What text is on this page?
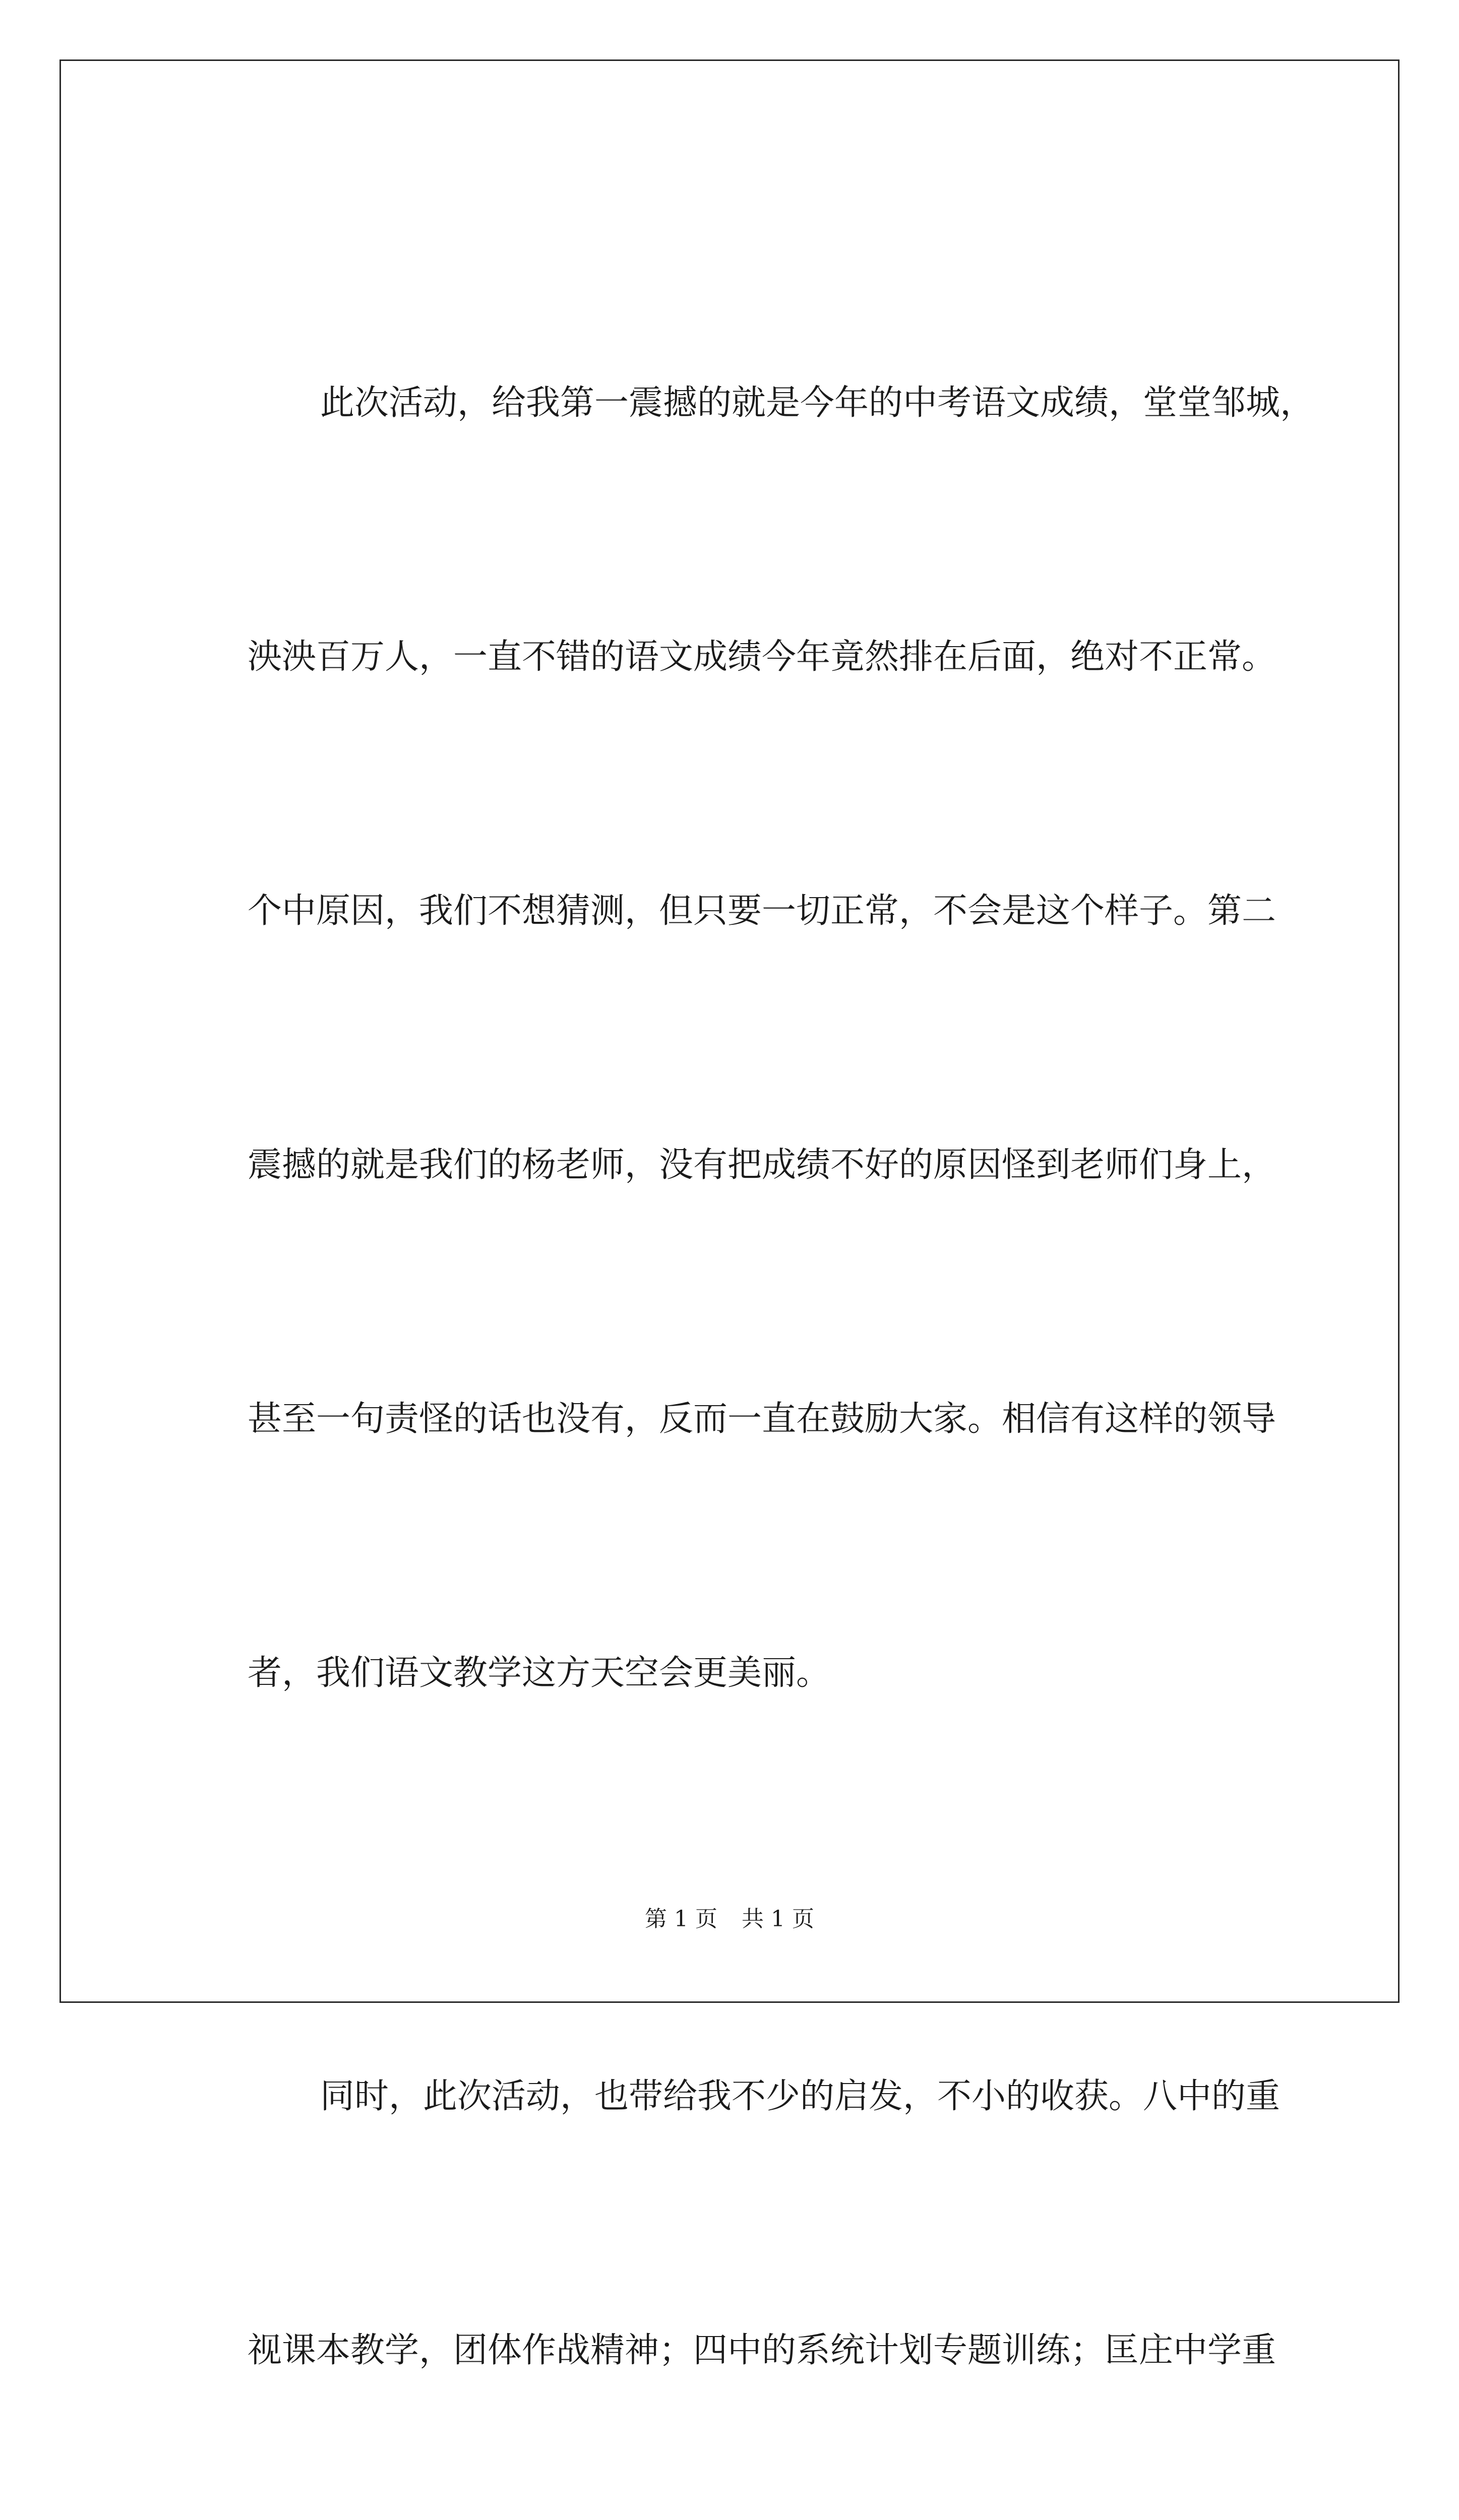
此次活动，给我第一震撼的就是今年的中考语文成绩，堂堂邹城，

泱泱百万人，一直不错的语文成绩今年竟然排在后面，绝对不正常。

个中原因，我们不想猜测，但只要一切正常，不会是这个样子。第二

震撼的就是我们的杨老师，没有把成绩不好的原因怪到老师们身上，

甚至一句责怪的话也没有，反而一直在鼓励大家。相信有这样的领导

者，我们语文教学这方天空会更美丽。

同时，此次活动，也带给我不少的启发，不小的收获。八中的重

视课本教学，团体作战精神；四中的系统计划专题训练；匡庄中学重

第 1 页 共 1 页
